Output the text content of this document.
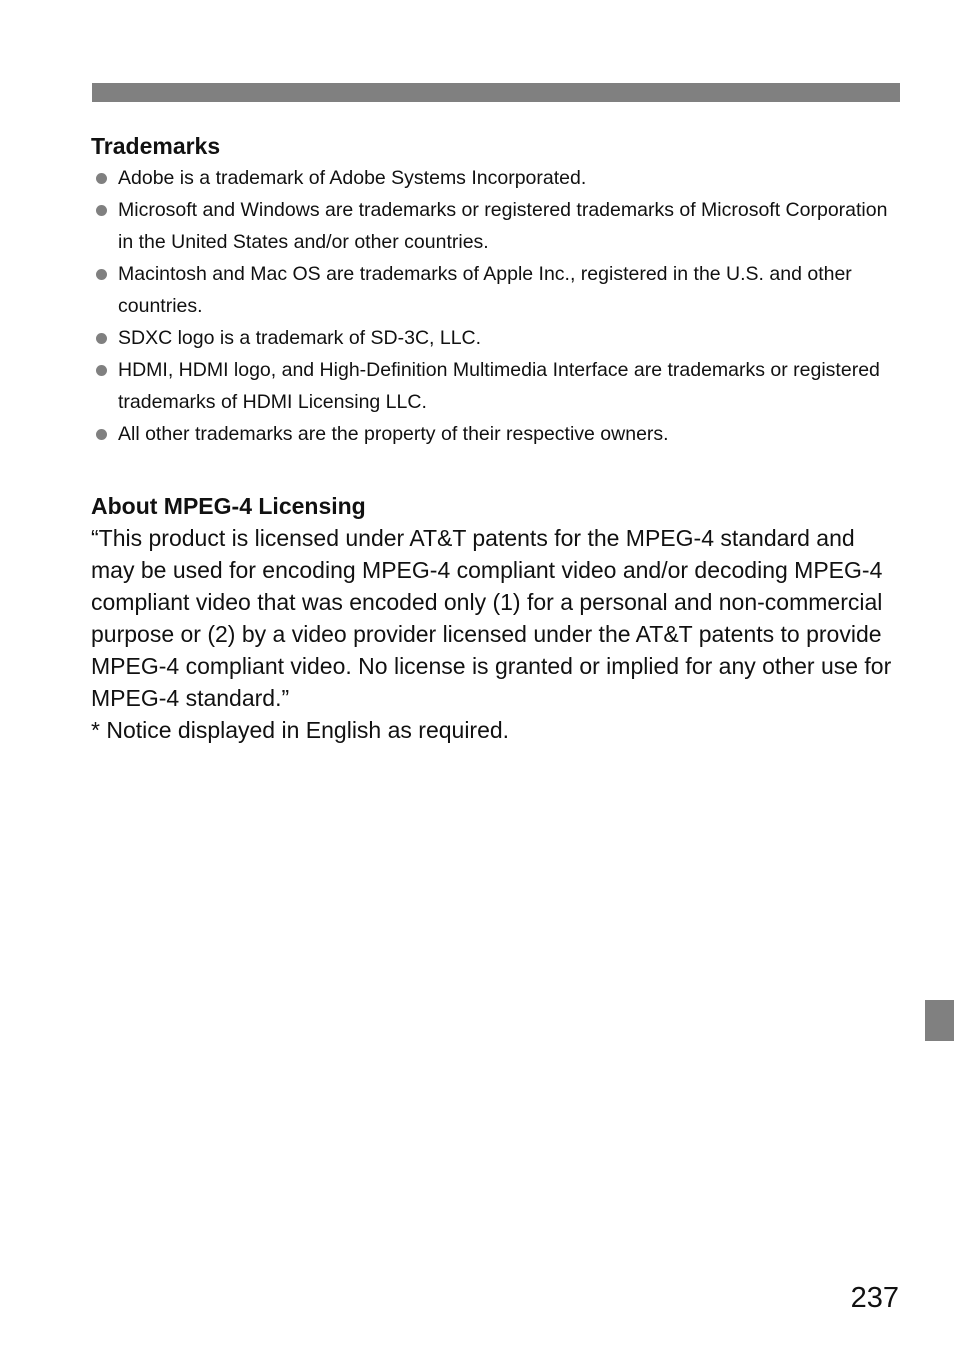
Trademarks
Adobe is a trademark of Adobe Systems Incorporated.
Microsoft and Windows are trademarks or registered trademarks of Microsoft Corporation in the United States and/or other countries.
Macintosh and Mac OS are trademarks of Apple Inc., registered in the U.S. and other countries.
SDXC logo is a trademark of SD-3C, LLC.
HDMI, HDMI logo, and High-Definition Multimedia Interface are trademarks or registered trademarks of HDMI Licensing LLC.
All other trademarks are the property of their respective owners.
About MPEG-4 Licensing

“This product is licensed under AT&T patents for the MPEG-4 standard and may be used for encoding MPEG-4 compliant video and/or decoding MPEG-4 compliant video that was encoded only (1) for a personal and non-commercial purpose or (2) by a video provider licensed under the AT&T patents to provide MPEG-4 compliant video. No license is granted or implied for any other use for MPEG-4 standard.”

* Notice displayed in English as required.

237
